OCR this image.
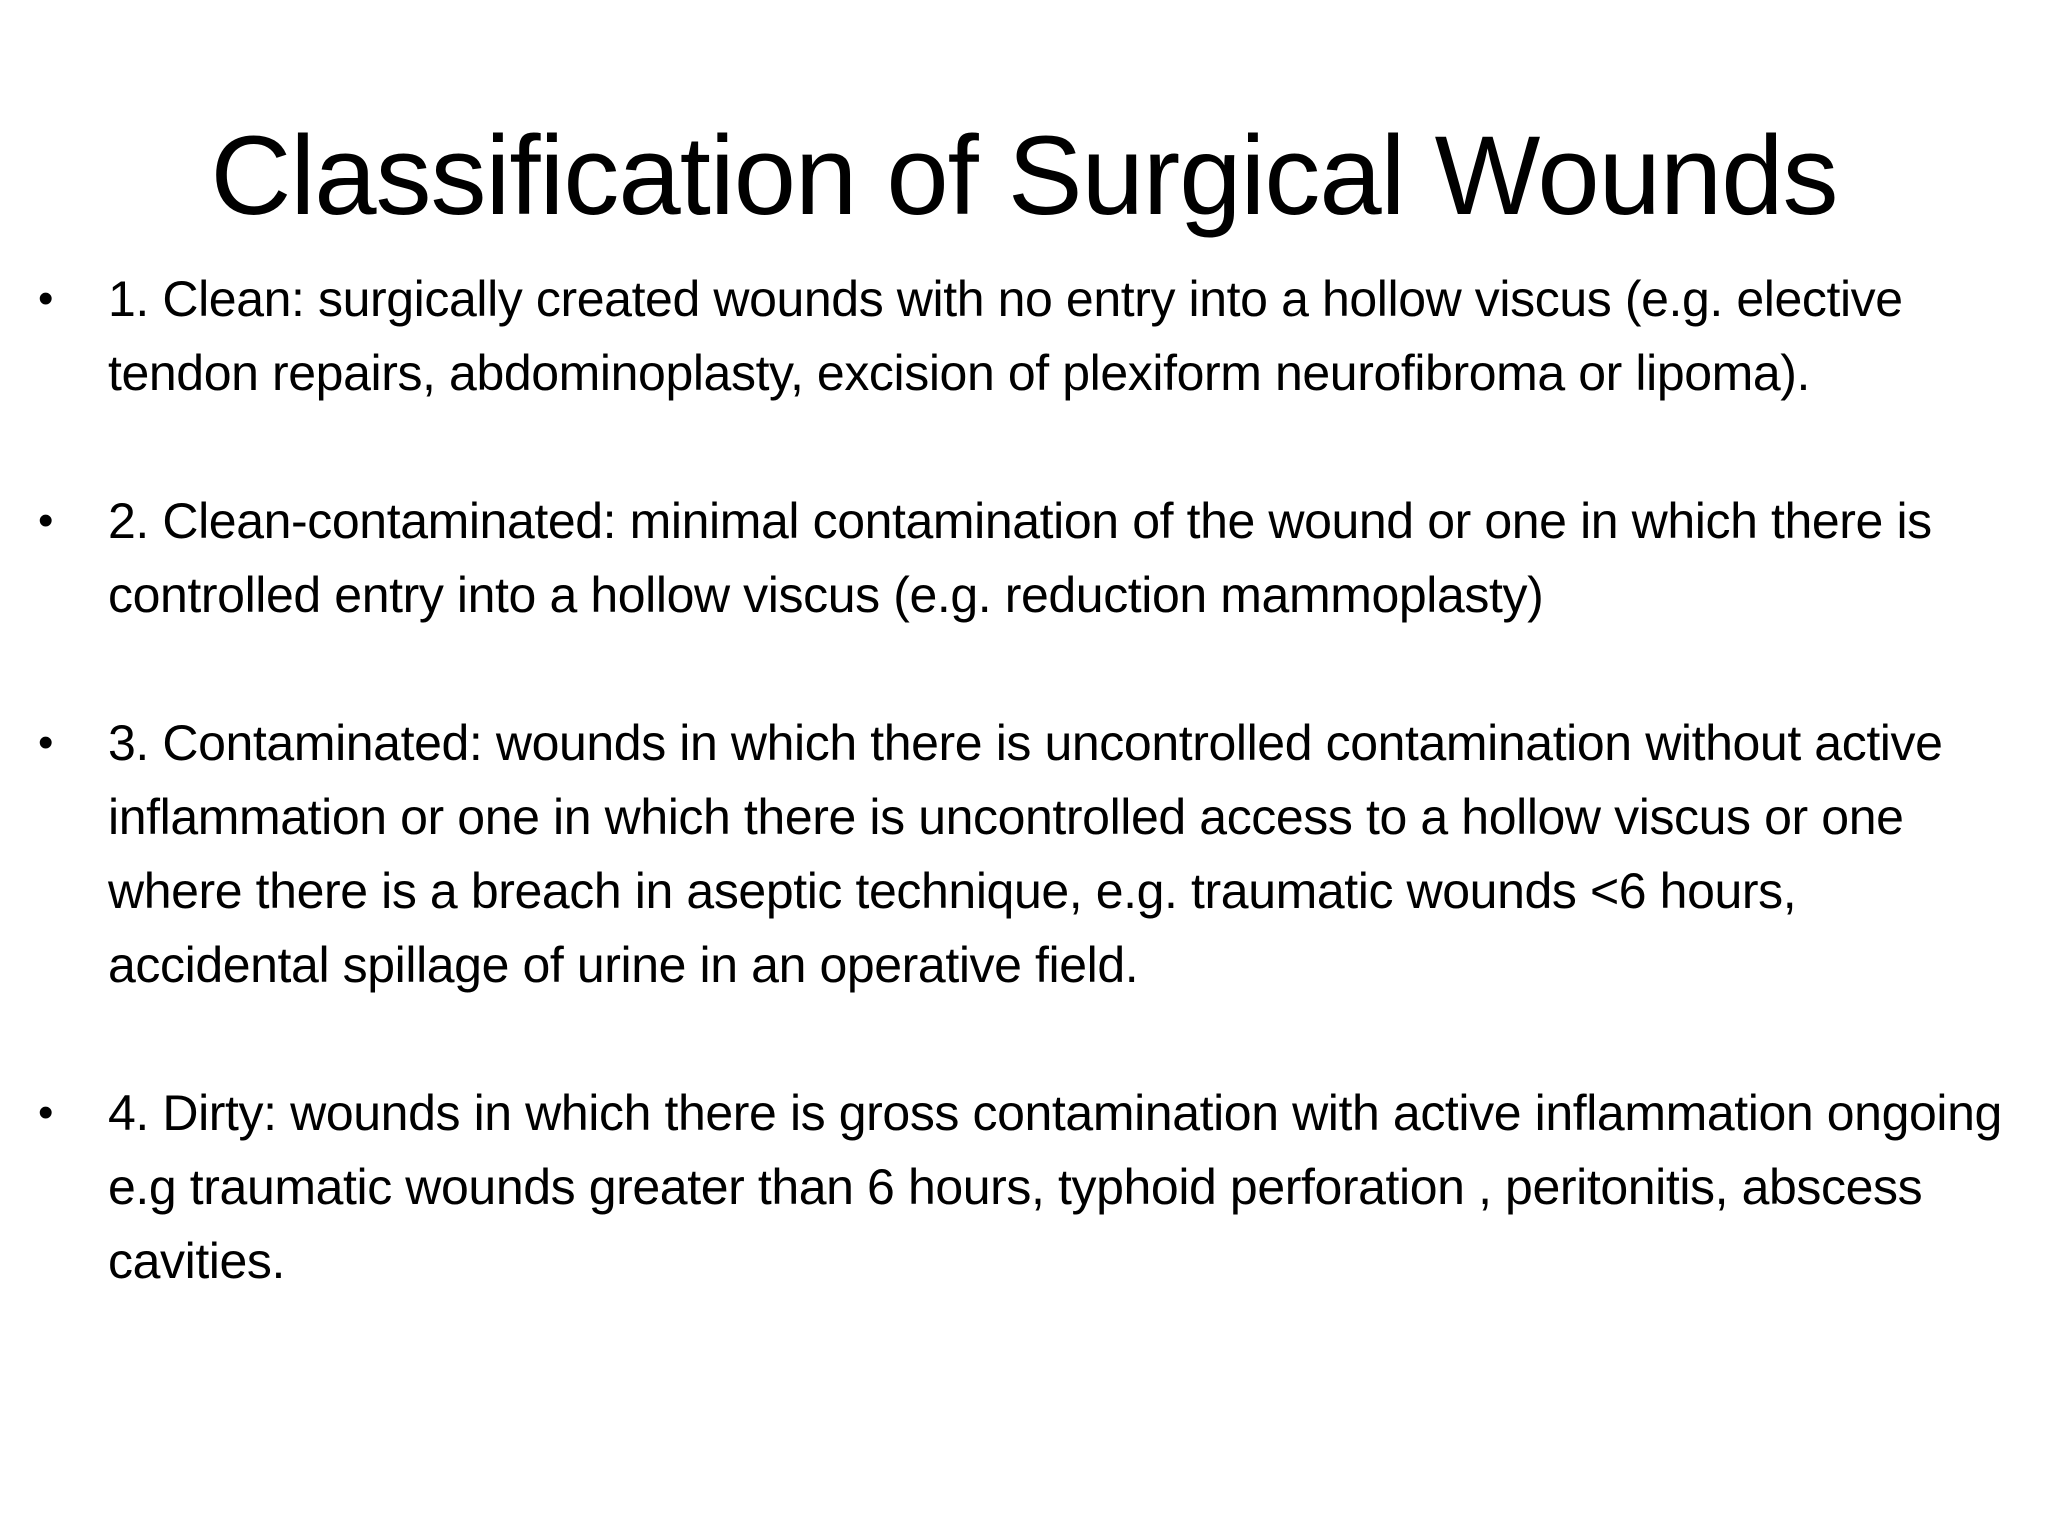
Classification of Surgical Wounds
•	1. Clean: surgically created wounds with no entry into a hollow viscus (e.g. elective tendon repairs, abdominoplasty, excision of plexiform neurofibroma or lipoma).
•	2. Clean-contaminated: minimal contamination of the wound or one in which there is controlled entry into a hollow viscus (e.g. reduction mammoplasty)
•	3. Contaminated: wounds in which there is uncontrolled contamination without active inflammation or one in which there is uncontrolled access to a hollow viscus or one where there is a breach in aseptic technique, e.g. traumatic wounds <6 hours, accidental spillage of urine in an operative field.
•	4. Dirty: wounds in which there is gross contamination with active inflammation ongoing e.g traumatic wounds greater than 6 hours, typhoid perforation , peritonitis, abscess cavities.
